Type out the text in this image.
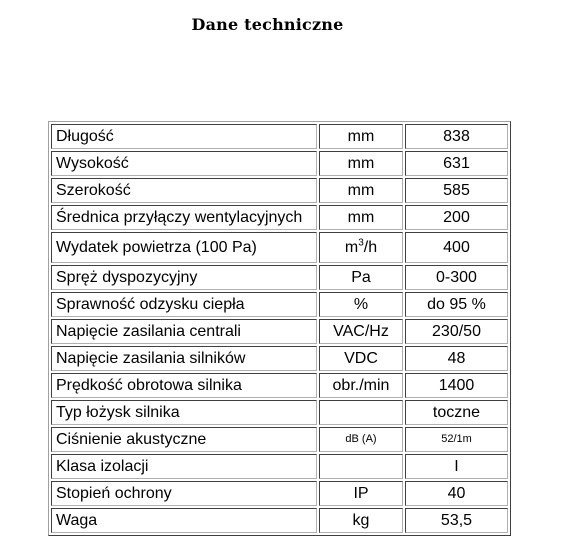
Dane techniczne
Długość	mm	838
Wysokość	mm	631
Szerokość	mm	585
Średnica przyłączy wentylacyjnych	mm	200
Wydatek powietrza (100 Pa)	$m^3/h$	400
Spręż dyspozycyjny	Pa	0-300
Sprawność odzysku ciepła	%	do 95 %
Napięcie zasilania centrali	VAC/Hz	230/50
Napięcie zasilania silników	VDC	48
Prędkość obrotowa silnika	obr./min	1400
Typ łożysk silnika		toczne
Ciśnienie akustyczne	dB (A)	52/1m
Klasa izolacji		I
Stopień ochrony	IP	40
Waga	kg	53,5
